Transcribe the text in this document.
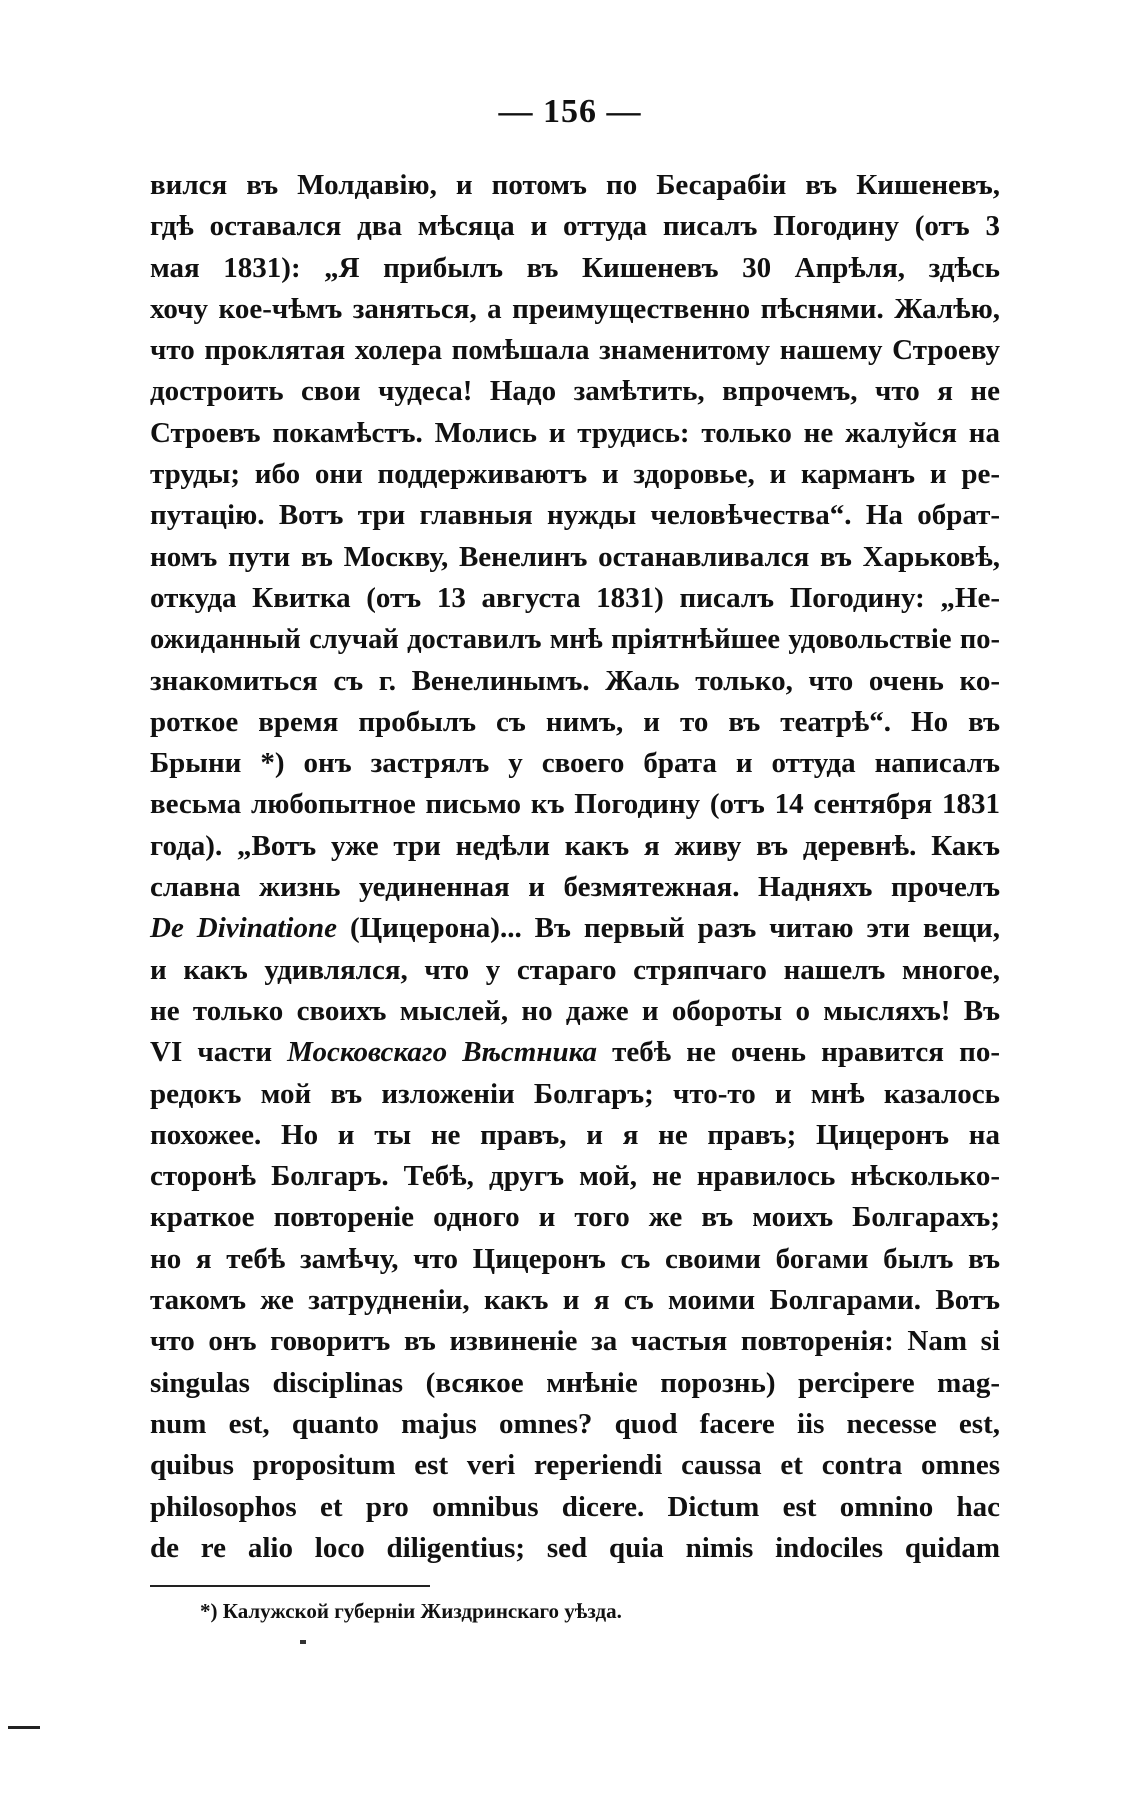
— 156 —
вился въ Молдавію, и потомъ по Бесарабіи въ Кишеневъ,
гдѣ оставался два мѣсяца и оттуда писалъ Погодину (отъ 3
мая 1831): „Я прибылъ въ Кишеневъ 30 Апрѣля, здѣсь
хочу кое-чѣмъ заняться, а преимущественно пѣснями. Жалѣю,
что проклятая холера помѣшала знаменитому нашему Строеву
достроить свои чудеса! Надо замѣтить, впрочемъ, что я не
Строевъ покамѣстъ. Молись и трудись: только не жалуйся на
труды; ибо они поддерживаютъ и здоровье, и карманъ и ре-
путацію. Вотъ три главныя нужды человѣчества“. На обрат-
номъ пути въ Москву, Венелинъ останавливался въ Харьковѣ,
откуда Квитка (отъ 13 августа 1831) писалъ Погодину: „Не-
ожиданный случай доставилъ мнѣ пріятнѣйшее удовольствіе по-
знакомиться съ г. Венелинымъ. Жаль только, что очень ко-
роткое время пробылъ съ нимъ, и то въ театрѣ“. Но въ
Брыни *) онъ застрялъ у своего брата и оттуда написалъ
весьма любопытное письмо къ Погодину (отъ 14 сентября 1831
года). „Вотъ уже три недѣли какъ я живу въ деревнѣ. Какъ
славна жизнь уединенная и безмятежная. Надняхъ прочелъ
De Divinatione (Цицерона)... Въ первый разъ читаю эти вещи,
и какъ удивлялся, что у стараго стряпчаго нашелъ многое,
не только своихъ мыслей, но даже и обороты о мысляхъ! Въ
VI части Московскаго Вѣстника тебѣ не очень нравится по-
редокъ мой въ изложеніи Болгаръ; что-то и мнѣ казалось
похожее. Но и ты не правъ, и я не правъ; Цицеронъ на
сторонѣ Болгаръ. Тебѣ, другъ мой, не нравилось нѣсколько-
краткое повтореніе одного и того же въ моихъ Болгарахъ;
но я тебѣ замѣчу, что Цицеронъ съ своими богами былъ въ
такомъ же затрудненіи, какъ и я съ моими Болгарами. Вотъ
что онъ говоритъ въ извиненіе за частыя повторенія: Nam si
singulas disciplinas (всякое мнѣніе порознь) percipere mag-
num est, quanto majus omnes? quod facere iis necesse est,
quibus propositum est veri reperiendi caussa et contra omnes
philosophos et pro omnibus dicere. Dictum est omnino hac
de re alio loco diligentius; sed quia nimis indociles quidam
*) Калужской губерніи Жиздринскаго уѣзда.
